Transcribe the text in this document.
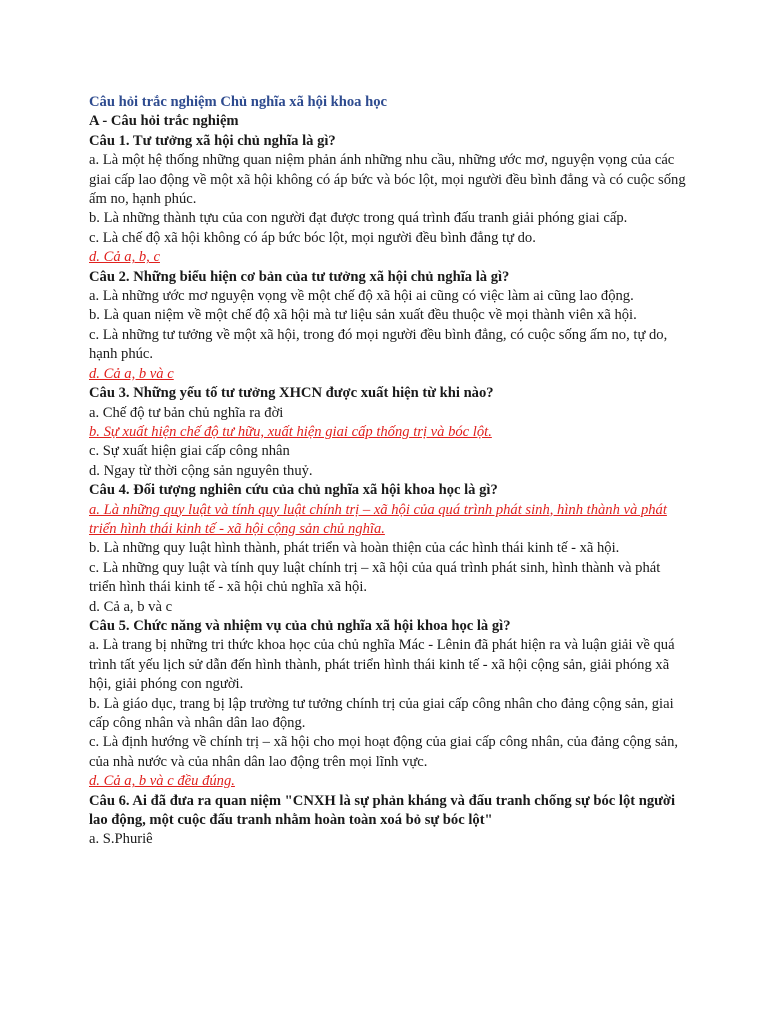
Câu hỏi trắc nghiệm Chủ nghĩa xã hội khoa học
A - Câu hỏi trắc nghiệm
Câu 1. Tư tưởng xã hội chủ nghĩa là gì?
a. Là một hệ thống những quan niệm phản ánh những nhu cầu, những ước mơ, nguyện vọng của các giai cấp lao động về một xã hội không có áp bức và bóc lột, mọi người đều bình đẳng và có cuộc sống ấm no, hạnh phúc.
b. Là những thành tựu của con người đạt được trong quá trình đấu tranh giải phóng giai cấp.
c. Là chế độ xã hội không có áp bức bóc lột, mọi người đều bình đẳng tự do.
d. Cả a, b, c
Câu 2. Những biểu hiện cơ bản của tư tưởng xã hội chủ nghĩa là gì?
a. Là những ước mơ nguyện vọng về một chế độ xã hội ai cũng có việc làm ai cũng lao động.
b. Là quan niệm về một chế độ xã hội mà tư liệu sản xuất đều thuộc về mọi thành viên xã hội.
c. Là những tư tưởng về một xã hội, trong đó mọi người đều bình đẳng, có cuộc sống ấm no, tự do, hạnh phúc.
d. Cả a, b và c
Câu 3. Những yếu tố tư tưởng XHCN được xuất hiện từ khi nào?
a. Chế độ tư bản chủ nghĩa ra đời
b. Sự xuất hiện chế độ tư hữu, xuất hiện giai cấp thống trị và bóc lột.
c. Sự xuất hiện giai cấp công nhân
d. Ngay từ thời cộng sản nguyên thuỷ.
Câu 4. Đối tượng nghiên cứu của chủ nghĩa xã hội khoa học là gì?
a. Là những quy luật và tính quy luật chính trị – xã hội của quá trình phát sinh, hình thành và phát triển hình thái kinh tế - xã hội cộng sản chủ nghĩa.
b. Là những quy luật hình thành, phát triển và hoàn thiện của các hình thái kinh tế - xã hội.
c. Là những quy luật và tính quy luật chính trị – xã hội của quá trình phát sinh, hình thành và phát triển hình thái kinh tế - xã hội chủ nghĩa xã hội.
d. Cả a, b và c
Câu 5. Chức năng và nhiệm vụ của chủ nghĩa xã hội khoa học là gì?
a. Là trang bị những tri thức khoa học của chủ nghĩa Mác - Lênin đã phát hiện ra và luận giải về quá trình tất yếu lịch sử dẫn đến hình thành, phát triển hình thái kinh tế - xã hội cộng sản, giải phóng xã hội, giải phóng con người.
b. Là giáo dục, trang bị lập trường tư tưởng chính trị của giai cấp công nhân cho đảng cộng sản, giai cấp công nhân và nhân dân lao động.
c. Là định hướng về chính trị – xã hội cho mọi hoạt động của giai cấp công nhân, của đảng cộng sản, của nhà nước và của nhân dân lao động trên mọi lĩnh vực.
d. Cả a, b và c đều đúng.
Câu 6. Ai đã đưa ra quan niệm "CNXH là sự phản kháng và đấu tranh chống sự bóc lột người lao động, một cuộc đấu tranh nhằm hoàn toàn xoá bỏ sự bóc lột"
a. S.Phuriê
